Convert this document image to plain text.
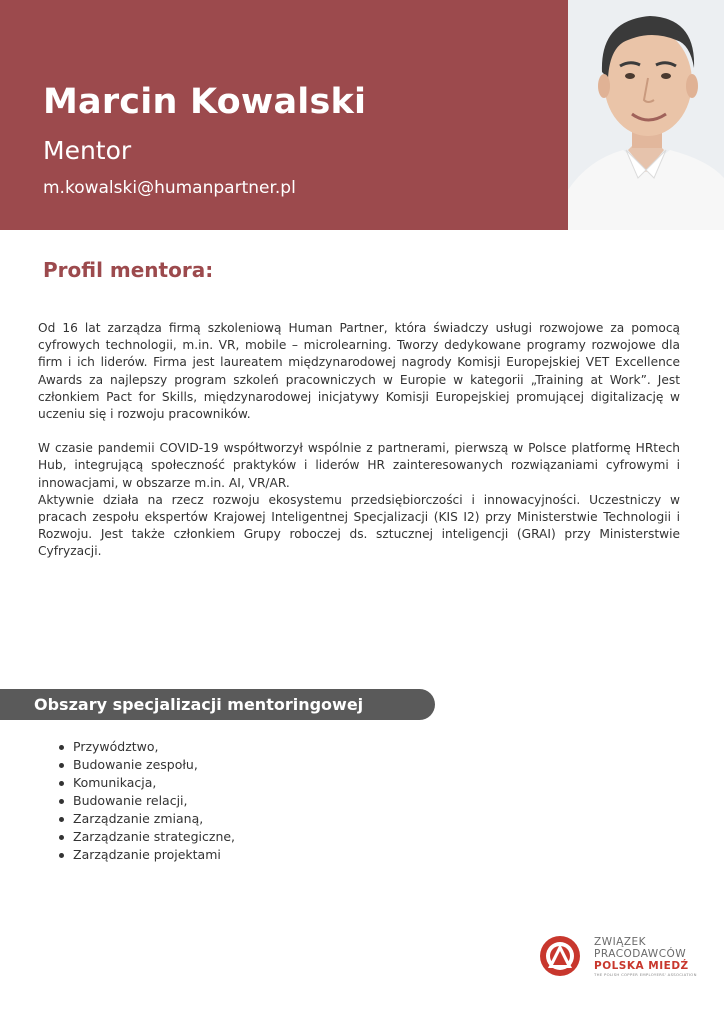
Marcin Kowalski
Mentor
m.kowalski@humanpartner.pl
Profil mentora:

Od 16 lat zarządza firmą szkoleniową Human Partner, która świadczy usługi rozwojowe za pomocą cyfrowych technologii, m.in. VR, mobile – microlearning. Tworzy dedykowane programy rozwojowe dla firm i ich liderów. Firma jest laureatem międzynarodowej nagrody Komisji Europejskiej VET Excellence Awards za najlepszy program szkoleń pracowniczych w Europie w kategorii „Training at Work”. Jest członkiem Pact for Skills, międzynarodowej inicjatywy Komisji Europejskiej promującej digitalizację w uczeniu się i rozwoju pracowników.

W czasie pandemii COVID-19 współtworzył wspólnie z partnerami, pierwszą w Polsce platformę HRtech Hub, integrującą społeczność praktyków i liderów HR zainteresowanych rozwiązaniami cyfrowymi i innowacjami, w obszarze m.in. AI, VR/AR.

Aktywnie działa na rzecz rozwoju ekosystemu przedsiębiorczości i innowacyjności. Uczestniczy w pracach zespołu ekspertów Krajowej Inteligentnej Specjalizacji (KIS I2) przy Ministerstwie Technologii i Rozwoju. Jest także członkiem Grupy roboczej ds. sztucznej inteligencji (GRAI) przy Ministerstwie Cyfryzacji.

Obszary specjalizacji mentoringowej
Przywództwo,
Budowanie zespołu,
Komunikacja,
Budowanie relacji,
Zarządzanie zmianą,
Zarządzanie strategiczne,
Zarządzanie projektami
ZWIĄZEK
PRACODAWCÓW
POLSKA MIEDŹ
THE POLISH COPPER EMPLOYERS' ASSOCIATION
